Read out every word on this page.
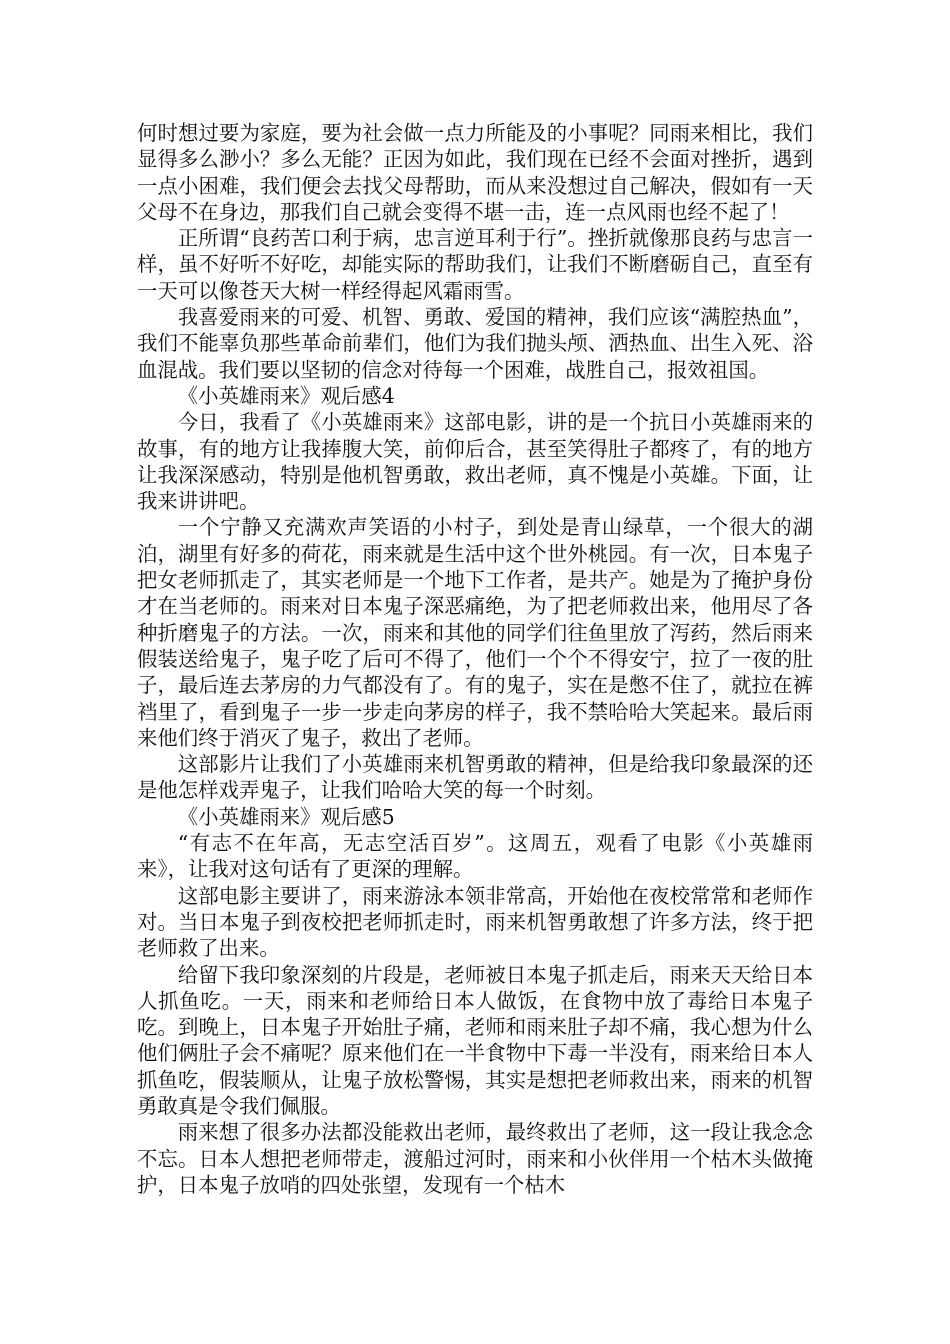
何时想过要为家庭，要为社会做一点力所能及的小事呢？同雨来相比，我们显得多么渺小？多么无能？正因为如此，我们现在已经不会面对挫折，遇到一点小困难，我们便会去找父母帮助，而从来没想过自己解决，假如有一天父母不在身边，那我们自己就会变得不堪一击，连一点风雨也经不起了！

正所谓“良药苦口利于病，忠言逆耳利于行”。挫折就像那良药与忠言一样，虽不好听不好吃，却能实际的帮助我们，让我们不断磨砺自己，直至有一天可以像苍天大树一样经得起风霜雨雪。

我喜爱雨来的可爱、机智、勇敢、爱国的精神，我们应该“满腔热血”，我们不能辜负那些革命前辈们，他们为我们抛头颅、洒热血、出生入死、浴血混战。我们要以坚韧的信念对待每一个困难，战胜自己，报效祖国。

《小英雄雨来》观后感4

今日，我看了《小英雄雨来》这部电影，讲的是一个抗日小英雄雨来的故事，有的地方让我捧腹大笑，前仰后合，甚至笑得肚子都疼了，有的地方让我深深感动，特别是他机智勇敢，救出老师，真不愧是小英雄。下面，让我来讲讲吧。

一个宁静又充满欢声笑语的小村子，到处是青山绿草，一个很大的湖泊，湖里有好多的荷花，雨来就是生活中这个世外桃园。有一次，日本鬼子把女老师抓走了，其实老师是一个地下工作者，是共产。她是为了掩护身份才在当老师的。雨来对日本鬼子深恶痛绝，为了把老师救出来，他用尽了各种折磨鬼子的方法。一次，雨来和其他的同学们往鱼里放了泻药，然后雨来假装送给鬼子，鬼子吃了后可不得了，他们一个个不得安宁，拉了一夜的肚子，最后连去茅房的力气都没有了。有的鬼子，实在是憋不住了，就拉在裤裆里了，看到鬼子一步一步走向茅房的样子，我不禁哈哈大笑起来。最后雨来他们终于消灭了鬼子，救出了老师。

这部影片让我们了小英雄雨来机智勇敢的精神，但是给我印象最深的还是他怎样戏弄鬼子，让我们哈哈大笑的每一个时刻。

《小英雄雨来》观后感5

“有志不在年高，无志空活百岁”。这周五，观看了电影《小英雄雨来》，让我对这句话有了更深的理解。

这部电影主要讲了，雨来游泳本领非常高，开始他在夜校常常和老师作对。当日本鬼子到夜校把老师抓走时，雨来机智勇敢想了许多方法，终于把老师救了出来。

给留下我印象深刻的片段是，老师被日本鬼子抓走后，雨来天天给日本人抓鱼吃。一天，雨来和老师给日本人做饭，在食物中放了毒给日本鬼子吃。到晚上，日本鬼子开始肚子痛，老师和雨来肚子却不痛，我心想为什么他们俩肚子会不痛呢？原来他们在一半食物中下毒一半没有，雨来给日本人抓鱼吃，假装顺从，让鬼子放松警惕，其实是想把老师救出来，雨来的机智勇敢真是令我们佩服。

雨来想了很多办法都没能救出老师，最终救出了老师，这一段让我念念不忘。日本人想把老师带走，渡船过河时，雨来和小伙伴用一个枯木头做掩护，日本鬼子放哨的四处张望，发现有一个枯木
